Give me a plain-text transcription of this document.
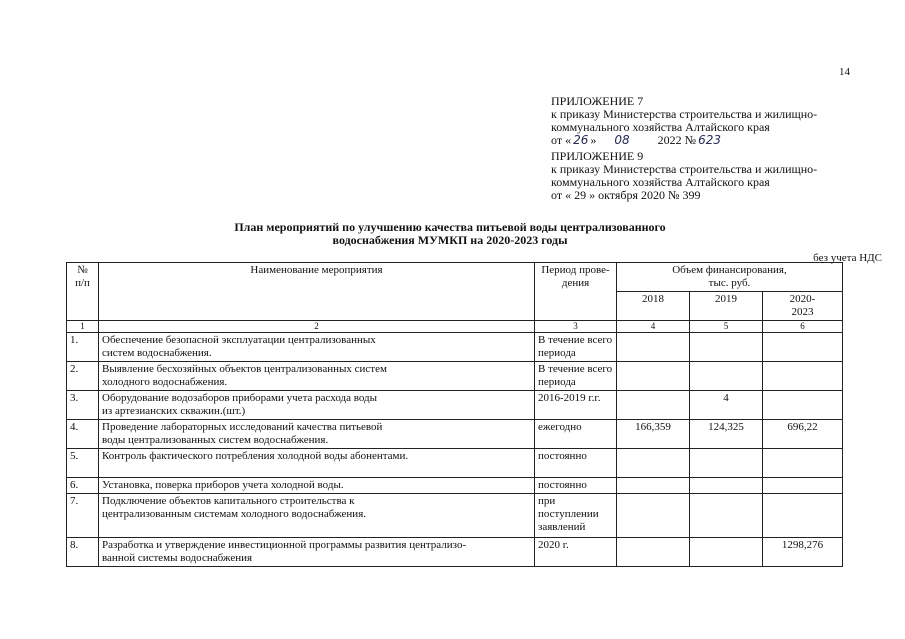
14
ПРИЛОЖЕНИЕ 7
к приказу Министерства строительства и жилищно-
коммунального хозяйства Алтайского края
от « 26 » 08 2022 № 623
ПРИЛОЖЕНИЕ 9
к приказу Министерства строительства и жилищно-
коммунального хозяйства Алтайского края
от « 29 » октября 2020 № 399
План мероприятий по улучшению качества питьевой воды централизованного
водоснабжения МУМКП на 2020-2023 годы
без учета НДС
№
п/п	Наименование мероприятия	Период прове-
дения	Объем финансирования,
тыс. руб.		
			2018	2019	2020-
2023
1	2	3	4	5	6
1.	Обеспечение безопасной эксплуатации централизованных
систем водоснабжения.	В течение всего
периода			
2.	Выявление бесхозяйных объектов централизованных систем
холодного водоснабжения.	В течение всего
периода			
3.	Оборудование водозаборов приборами учета расхода воды
из артезианских скважин.(шт.)	2016-2019 г.г.		4	
4.	Проведение лабораторных исследований качества питьевой
воды централизованных систем водоснабжения.	ежегодно	166,359	124,325	696,22
5.	Контроль фактического потребления холодной воды абонентами.	постоянно			
6.	Установка, поверка приборов учета холодной воды.	постоянно			
7.	Подключение объектов капитального строительства к
централизованным системам холодного водоснабжения.	при
поступлении
заявлений			
8.	Разработка и утверждение инвестиционной программы развития централизо-
ванной системы водоснабжения	2020 г.			1298,276
